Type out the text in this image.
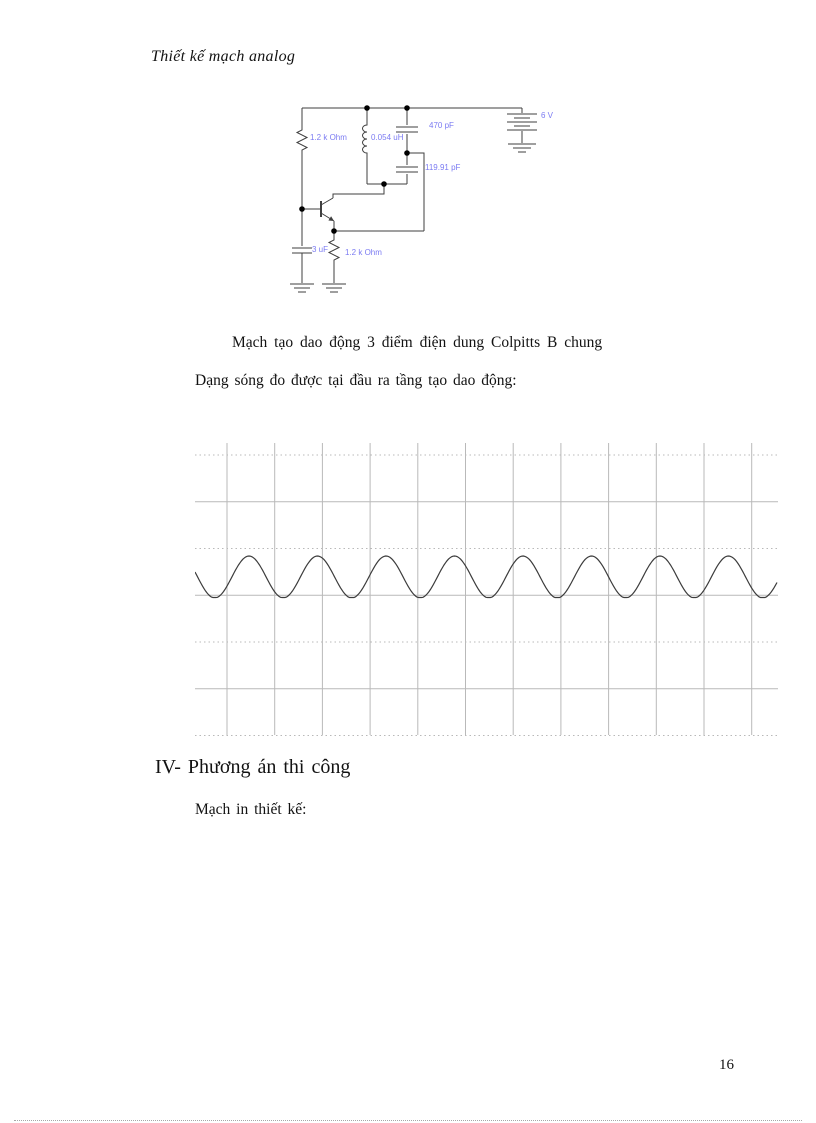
Thiết kế mạch analog
1.2 k Ohm	0.054 uH
470 pF
119.91 pF
6 V
3 uF 1.2 k Ohm
Mạch tạo dao động 3 điểm điện dung Colpitts B chung
Dạng sóng đo được tại đầu ra tầng tạo dao động:
IV- Phương án thi công
Mạch in thiết kế:
16
